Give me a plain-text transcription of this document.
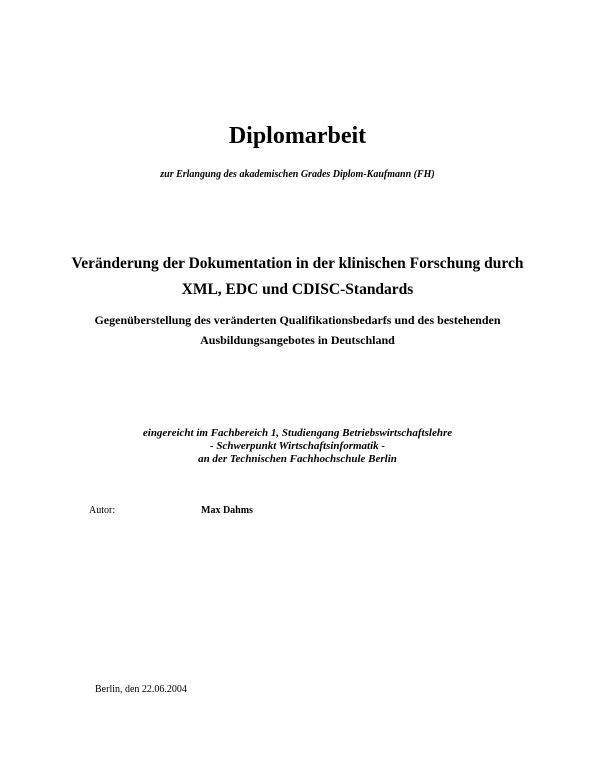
Diplomarbeit
zur Erlangung des akademischen Grades Diplom-Kaufmann (FH)
Veränderung der Dokumentation in der klinischen Forschung durch
XML, EDC und CDISC-Standards
Gegenüberstellung des veränderten Qualifikationsbedarfs und des bestehenden
Ausbildungsangebotes in Deutschland
eingereicht im Fachbereich 1, Studiengang Betriebswirtschaftslehre
- Schwerpunkt Wirtschaftsinformatik -
an der Technischen Fachhochschule Berlin
Autor:	Max Dahms
Berlin, den 22.06.2004
